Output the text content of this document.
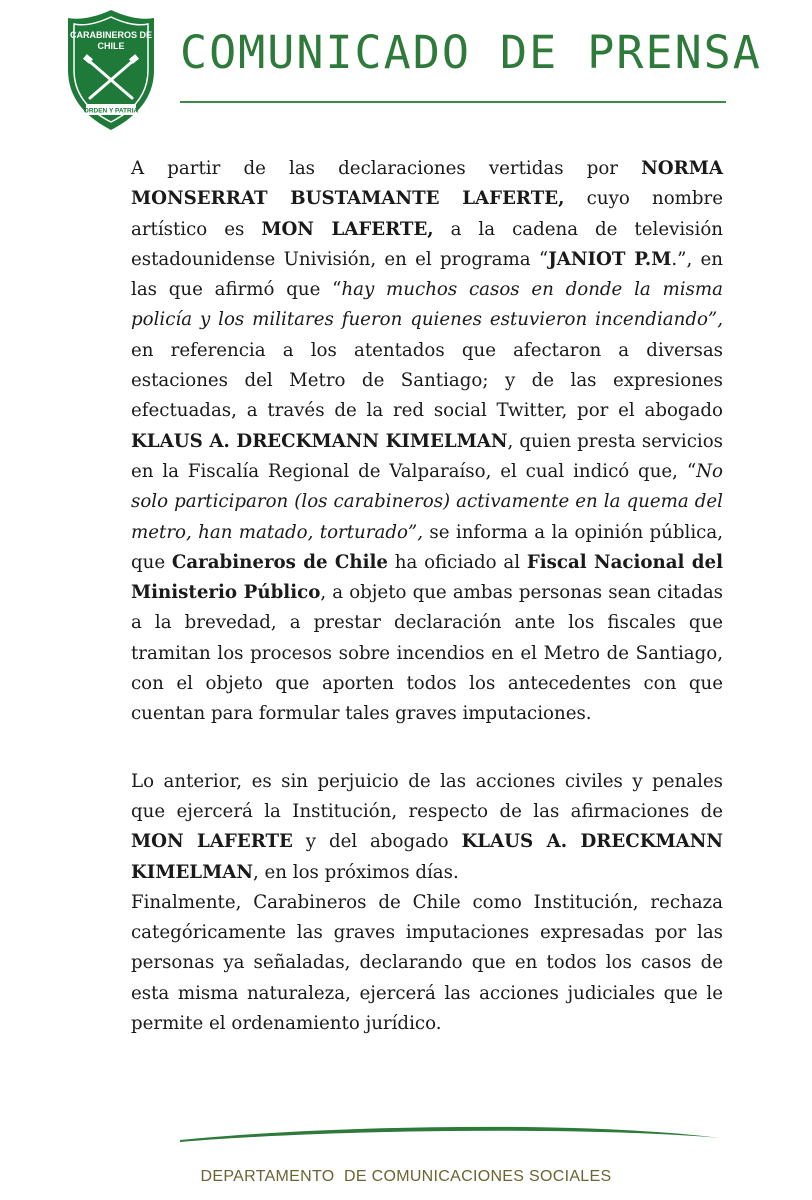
CARABINEROS DE
CHILE
ORDEN Y PATRIA
COMUNICADO DE PRENSA

A partir de las declaraciones vertidas por NORMA MONSERRAT BUSTAMANTE LAFERTE, cuyo nombre artístico es MON LAFERTE, a la cadena de televisión estadounidense Univisión, en el programa “JANIOT P.M.”, en las que afirmó que “hay muchos casos en donde la misma policía y los militares fueron quienes estuvieron incendiando”, en referencia a los atentados que afectaron a diversas estaciones del Metro de Santiago; y de las expresiones efectuadas, a través de la red social Twitter, por el abogado KLAUS A. DRECKMANN KIMELMAN, quien presta servicios en la Fiscalía Regional de Valparaíso, el cual indicó que, “No solo participaron (los carabineros) activamente en la quema del metro, han matado, torturado”, se informa a la opinión pública, que Carabineros de Chile ha oficiado al Fiscal Nacional del Ministerio Público, a objeto que ambas personas sean citadas a la brevedad, a prestar declaración ante los fiscales que tramitan los procesos sobre incendios en el Metro de Santiago, con el objeto que aporten todos los antecedentes con que cuentan para formular tales graves imputaciones.

Lo anterior, es sin perjuicio de las acciones civiles y penales que ejercerá la Institución, respecto de las afirmaciones de MON LAFERTE y del abogado KLAUS A. DRECKMANN KIMELMAN, en los próximos días.

Finalmente, Carabineros de Chile como Institución, rechaza categóricamente las graves imputaciones expresadas por las personas ya señaladas, declarando que en todos los casos de esta misma naturaleza, ejercerá las acciones judiciales que le permite el ordenamiento jurídico.

DEPARTAMENTO  DE COMUNICACIONES SOCIALES
